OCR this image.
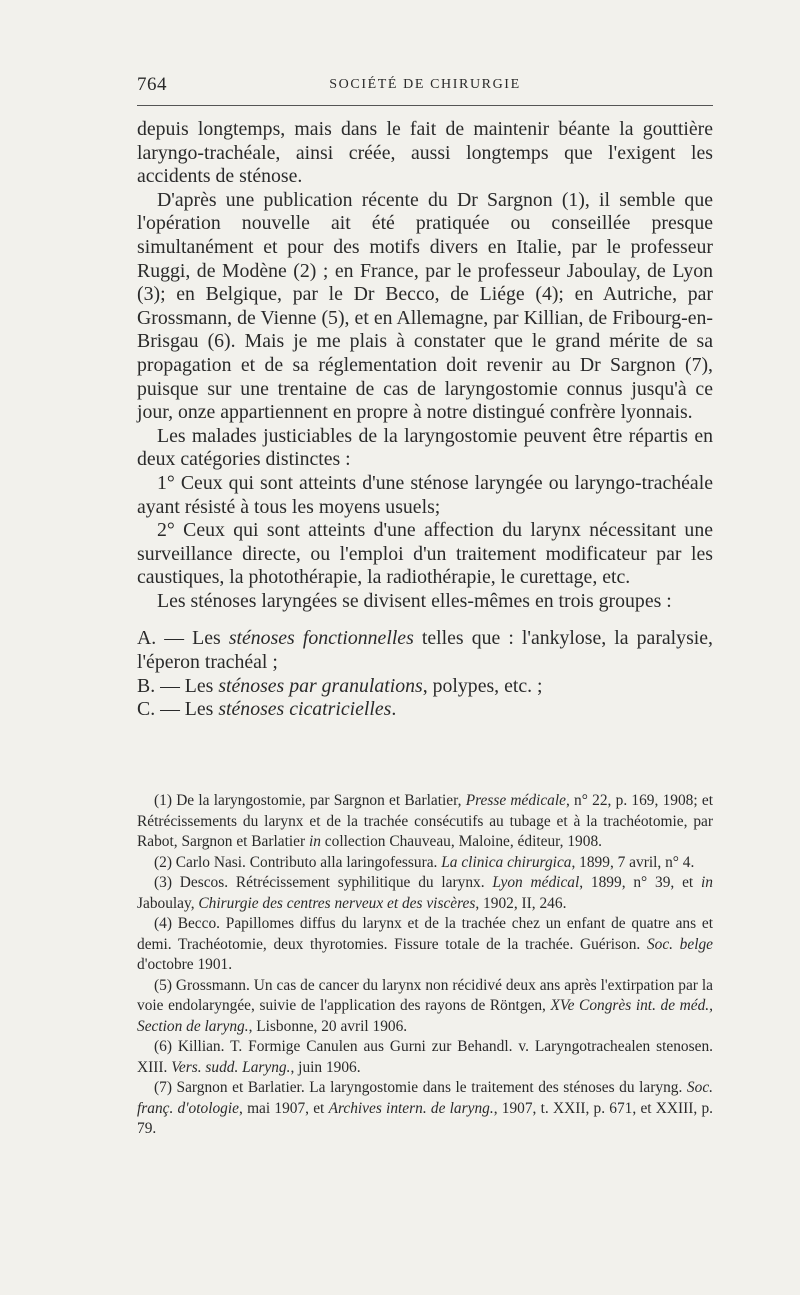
764	SOCIÉTÉ DE CHIRURGIE

depuis longtemps, mais dans le fait de maintenir béante la gouttière laryngo-trachéale, ainsi créée, aussi longtemps que l'exigent les accidents de sténose.

D'après une publication récente du Dr Sargnon (1), il semble que l'opération nouvelle ait été pratiquée ou conseillée presque simultanément et pour des motifs divers en Italie, par le professeur Ruggi, de Modène (2) ; en France, par le professeur Jaboulay, de Lyon (3); en Belgique, par le Dr Becco, de Liége (4); en Autriche, par Grossmann, de Vienne (5), et en Allemagne, par Killian, de Fribourg-en-Brisgau (6). Mais je me plais à constater que le grand mérite de sa propagation et de sa réglementation doit revenir au Dr Sargnon (7), puisque sur une trentaine de cas de laryngostomie connus jusqu'à ce jour, onze appartiennent en propre à notre distingué confrère lyonnais.

Les malades justiciables de la laryngostomie peuvent être répartis en deux catégories distinctes :

1° Ceux qui sont atteints d'une sténose laryngée ou laryngo-trachéale ayant résisté à tous les moyens usuels;

2° Ceux qui sont atteints d'une affection du larynx nécessitant une surveillance directe, ou l'emploi d'un traitement modificateur par les caustiques, la photothérapie, la radiothérapie, le curettage, etc.

Les sténoses laryngées se divisent elles-mêmes en trois groupes :

A. — Les sténoses fonctionnelles telles que : l'ankylose, la paralysie, l'éperon trachéal ;

B. — Les sténoses par granulations, polypes, etc. ;

C. — Les sténoses cicatricielles.

(1) De la laryngostomie, par Sargnon et Barlatier, Presse médicale, n° 22, p. 169, 1908; et Rétrécissements du larynx et de la trachée consécutifs au tubage et à la trachéotomie, par Rabot, Sargnon et Barlatier in collection Chauveau, Maloine, éditeur, 1908.

(2) Carlo Nasi. Contributo alla laringofessura. La clinica chirurgica, 1899, 7 avril, n° 4.

(3) Descos. Rétrécissement syphilitique du larynx. Lyon médical, 1899, n° 39, et in Jaboulay, Chirurgie des centres nerveux et des viscères, 1902, II, 246.

(4) Becco. Papillomes diffus du larynx et de la trachée chez un enfant de quatre ans et demi. Trachéotomie, deux thyrotomies. Fissure totale de la trachée. Guérison. Soc. belge d'octobre 1901.

(5) Grossmann. Un cas de cancer du larynx non récidivé deux ans après l'extirpation par la voie endolaryngée, suivie de l'application des rayons de Röntgen, XVe Congrès int. de méd., Section de laryng., Lisbonne, 20 avril 1906.

(6) Killian. T. Formige Canulen aus Gurni zur Behandl. v. Laryngotrachealen stenosen. XIII. Vers. sudd. Laryng., juin 1906.

(7) Sargnon et Barlatier. La laryngostomie dans le traitement des sténoses du laryng. Soc. franç. d'otologie, mai 1907, et Archives intern. de laryng., 1907, t. XXII, p. 671, et XXIII, p. 79.
